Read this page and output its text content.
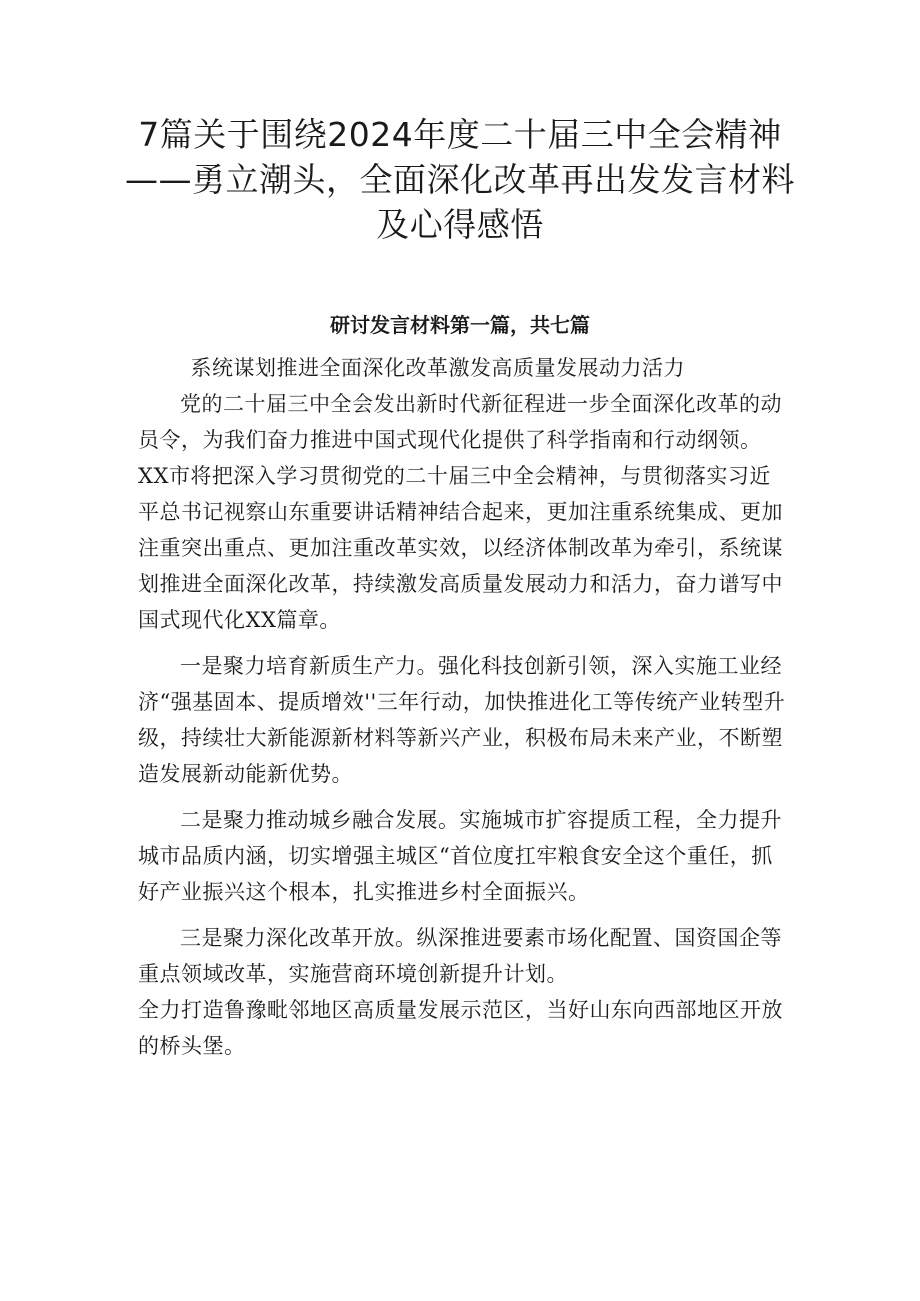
7篇关于围绕2024年度二十届三中全会精神——勇立潮头，全面深化改革再出发发言材料及心得感悟
研讨发言材料第一篇，共七篇

系统谋划推进全面深化改革激发高质量发展动力活力

党的二十届三中全会发出新时代新征程进一步全面深化改革的动员令，为我们奋力推进中国式现代化提供了科学指南和行动纲领。XX市将把深入学习贯彻党的二十届三中全会精神，与贯彻落实习近平总书记视察山东重要讲话精神结合起来，更加注重系统集成、更加注重突出重点、更加注重改革实效，以经济体制改革为牵引，系统谋划推进全面深化改革，持续激发高质量发展动力和活力，奋力谱写中国式现代化XX篇章。

一是聚力培育新质生产力。强化科技创新引领，深入实施工业经济“强基固本、提质增效''三年行动，加快推进化工等传统产业转型升级，持续壮大新能源新材料等新兴产业，积极布局未来产业，不断塑造发展新动能新优势。

二是聚力推动城乡融合发展。实施城市扩容提质工程，全力提升城市品质内涵，切实增强主城区“首位度扛牢粮食安全这个重任，抓好产业振兴这个根本，扎实推进乡村全面振兴。

三是聚力深化改革开放。纵深推进要素市场化配置、国资国企等重点领域改革，实施营商环境创新提升计划。

全力打造鲁豫毗邻地区高质量发展示范区，当好山东向西部地区开放的桥头堡。
